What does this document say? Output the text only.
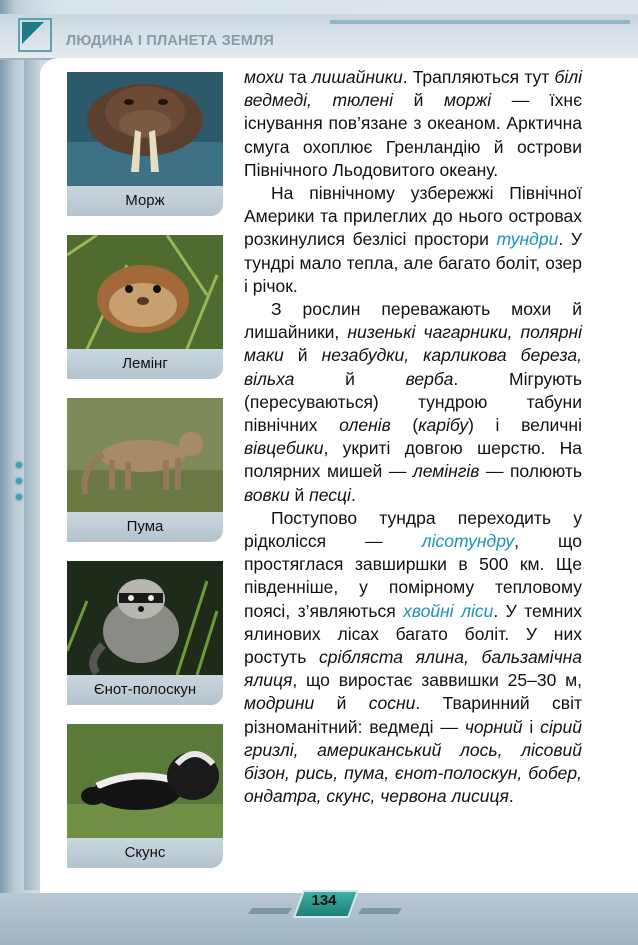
ЛЮДИНА І ПЛАНЕТА ЗЕМЛЯ
Морж
Лемінг
Пума
Єнот-полоскун
Скунс

мохи та лишайники. Трапляються тут білі ведмеді, тюлені й моржі — їхнє існування пов’язане з океаном. Арктична смуга охоплює Гренландію й острови Північного Льодовитого океану.

На північному узбережжі Північної Америки та прилеглих до нього островах розкинулися безлісі простори тундри. У тундрі мало тепла, але багато боліт, озер і річок.

З рослин переважають мохи й лишайники, низенькі чагарники, полярні маки й незабудки, карликова береза, вільха й верба. Мігрують (пересуваються) тундрою табуни північних оленів (карібу) і величні вівцебики, укриті довгою шерстю. На полярних мишей — лемінгів — полюють вовки й песці.

Поступово тундра переходить у рідколісся — лісотундру, що простяглася завширшки в 500 км. Ще південніше, у помірному тепловому поясі, з’являються хвойні ліси. У темних ялинових лісах багато боліт. У них ростуть срібляста ялина, бальзамічна ялиця, що виростає заввишки 25–30 м, модрини й сосни. Тваринний світ різноманітний: ведмеді — чорний і сірий гризлі, американський лось, лісовий бізон, рись, пума, єнот-полоскун, бобер, ондатра, скунс, червона лисиця.

134
